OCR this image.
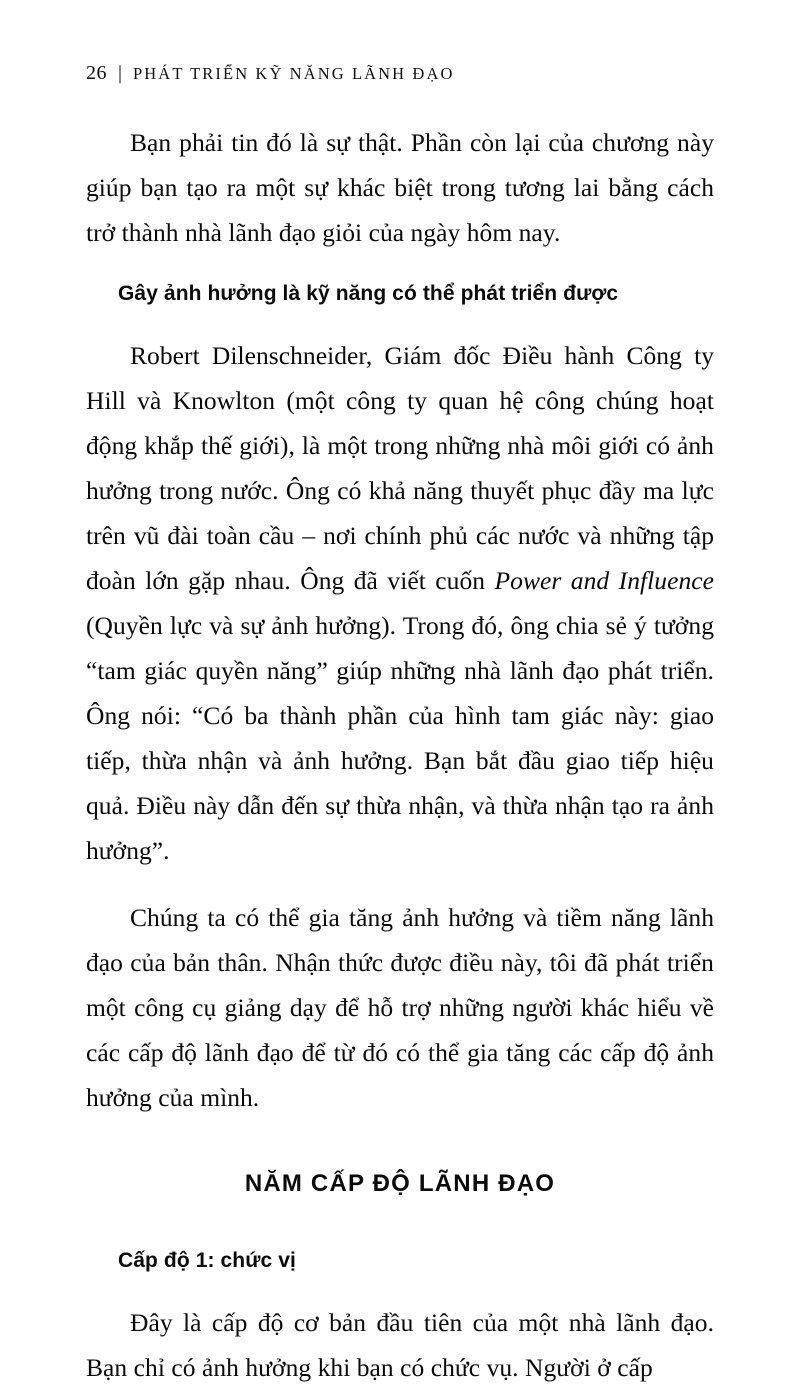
26 | PHÁT TRIỂN KỸ NĂNG LÃNH ĐẠO

Bạn phải tin đó là sự thật. Phần còn lại của chương này giúp bạn tạo ra một sự khác biệt trong tương lai bằng cách trở thành nhà lãnh đạo giỏi của ngày hôm nay.

Gây ảnh hưởng là kỹ năng có thể phát triển được

Robert Dilenschneider, Giám đốc Điều hành Công ty Hill và Knowlton (một công ty quan hệ công chúng hoạt động khắp thế giới), là một trong những nhà môi giới có ảnh hưởng trong nước. Ông có khả năng thuyết phục đầy ma lực trên vũ đài toàn cầu – nơi chính phủ các nước và những tập đoàn lớn gặp nhau. Ông đã viết cuốn Power and Influence (Quyền lực và sự ảnh hưởng). Trong đó, ông chia sẻ ý tưởng “tam giác quyền năng” giúp những nhà lãnh đạo phát triển. Ông nói: “Có ba thành phần của hình tam giác này: giao tiếp, thừa nhận và ảnh hưởng. Bạn bắt đầu giao tiếp hiệu quả. Điều này dẫn đến sự thừa nhận, và thừa nhận tạo ra ảnh hưởng”.

Chúng ta có thể gia tăng ảnh hưởng và tiềm năng lãnh đạo của bản thân. Nhận thức được điều này, tôi đã phát triển một công cụ giảng dạy để hỗ trợ những người khác hiểu về các cấp độ lãnh đạo để từ đó có thể gia tăng các cấp độ ảnh hưởng của mình.

NĂM CẤP ĐỘ LÃNH ĐẠO
Cấp độ 1: chức vị

Đây là cấp độ cơ bản đầu tiên của một nhà lãnh đạo. Bạn chỉ có ảnh hưởng khi bạn có chức vụ. Người ở cấp
